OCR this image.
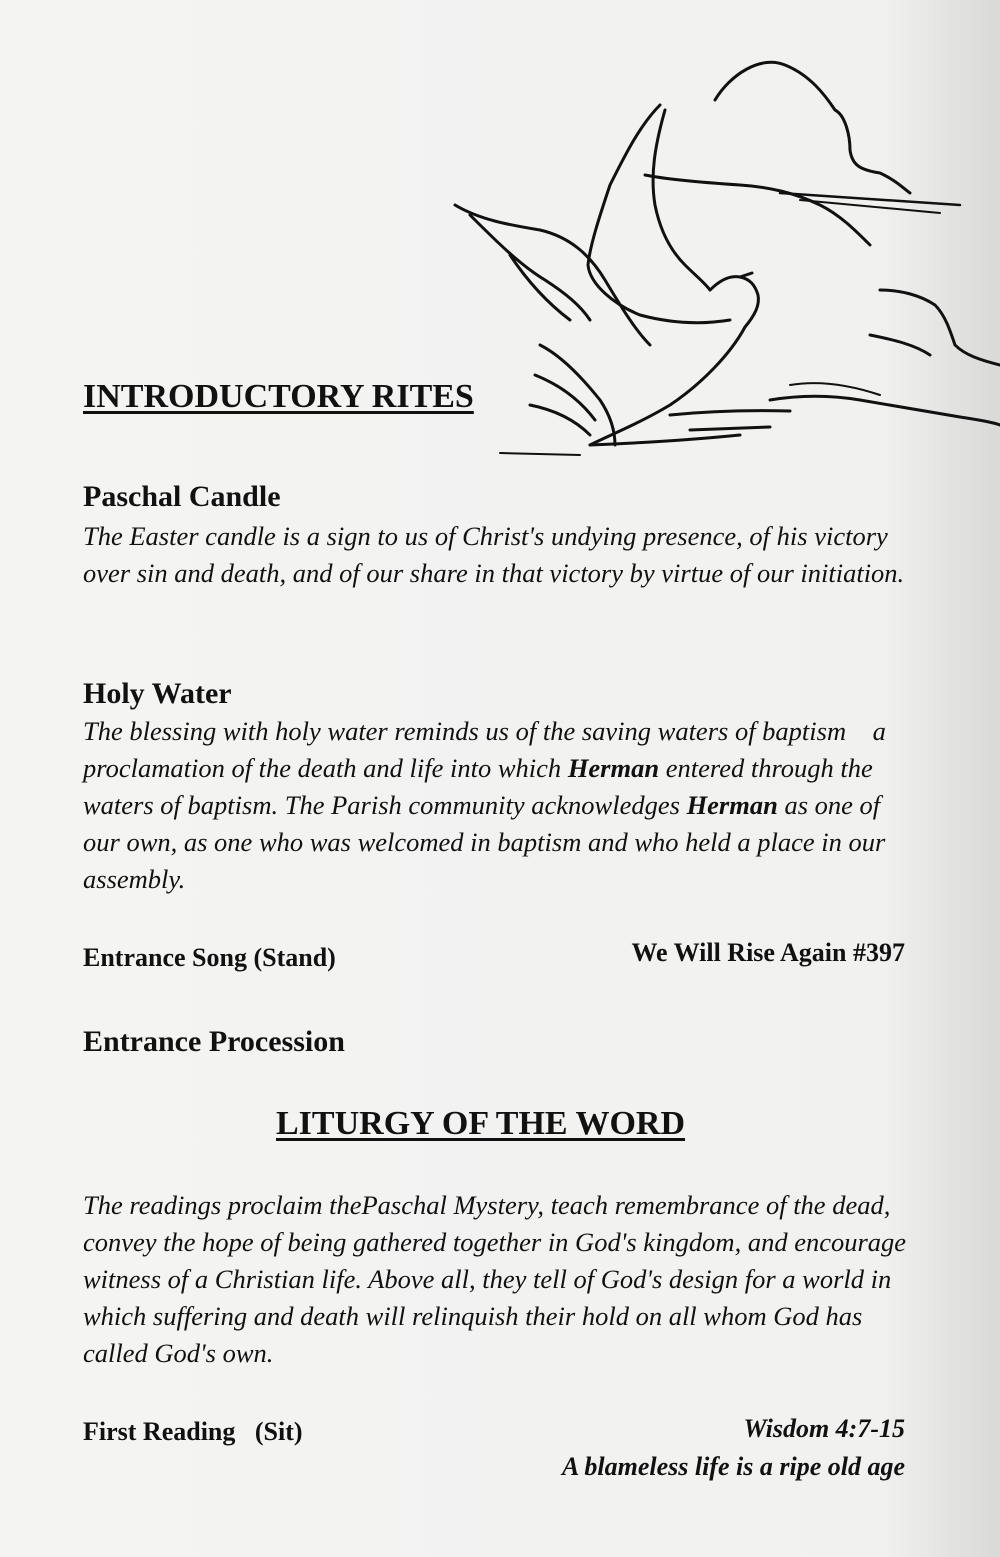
INTRODUCTORY RITES
Paschal Candle

The Easter candle is a sign to us of Christ's undying presence, of his victory over sin and death, and of our share in that victory by virtue of our initiation.

Holy Water

The blessing with holy water reminds us of the saving waters of baptism    a proclamation of the death and life into which Herman entered through the waters of baptism. The Parish community acknowledges Herman as one of our own, as one who was welcomed in baptism and who held a place in our assembly.

Entrance Song (Stand)	We Will Rise Again #397
Entrance Procession
LITURGY OF THE WORD

The readings proclaim thePaschal Mystery, teach remembrance of the dead, convey the hope of being gathered together in God's kingdom, and encourage witness of a Christian life. Above all, they tell of God's design for a world in which suffering and death will relinquish their hold on all whom God has called God's own.

First Reading   (Sit)	Wisdom 4:7-15
A blameless life is a ripe old age
